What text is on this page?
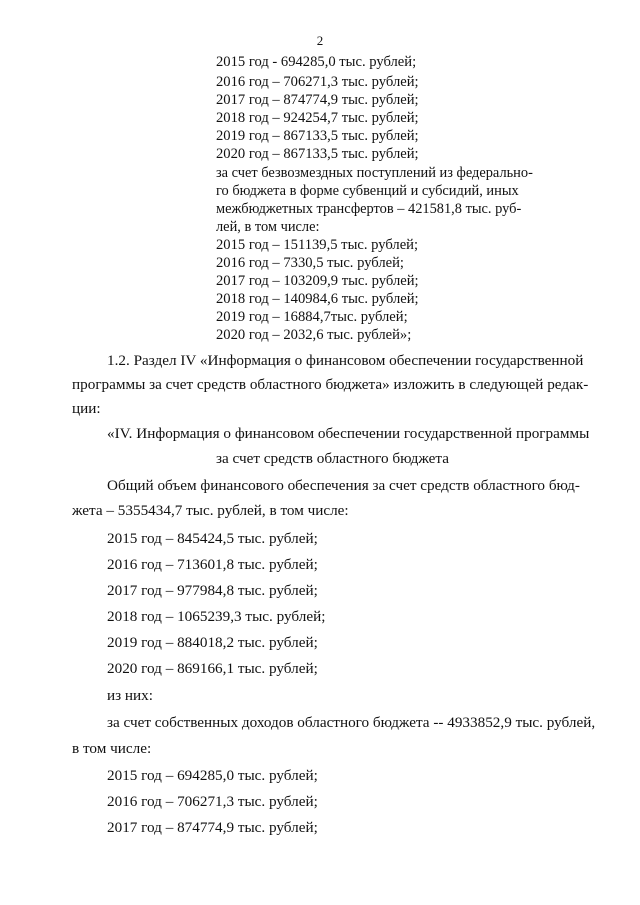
2
2015 год - 694285,0 тыс. рублей;
2016 год – 706271,3 тыс. рублей;
2017 год – 874774,9 тыс. рублей;
2018 год – 924254,7 тыс. рублей;
2019 год – 867133,5 тыс. рублей;
2020 год – 867133,5 тыс. рублей;
за счет безвозмездных поступлений из федерально-
го бюджета в форме субвенций и субсидий, иных
межбюджетных трансфертов – 421581,8 тыс. руб-
лей, в том числе:
2015 год – 151139,5 тыс. рублей;
2016 год – 7330,5 тыс. рублей;
2017 год – 103209,9 тыс. рублей;
2018 год – 140984,6 тыс. рублей;
2019 год – 16884,7тыс. рублей;
2020 год – 2032,6 тыс. рублей»;
1.2. Раздел IV «Информация о финансовом обеспечении государственной
программы за счет средств областного бюджета» изложить в следующей редак-
ции:
«IV. Информация о финансовом обеспечении государственной программы
за счет средств областного бюджета
Общий объем финансового обеспечения за счет средств областного бюд-
жета – 5355434,7 тыс. рублей, в том числе:
2015 год – 845424,5 тыс. рублей;
2016 год – 713601,8 тыс. рублей;
2017 год – 977984,8 тыс. рублей;
2018 год – 1065239,3 тыс. рублей;
2019 год – 884018,2 тыс. рублей;
2020 год – 869166,1 тыс. рублей;
из них:
за счет собственных доходов областного бюджета -- 4933852,9 тыс. рублей,
в том числе:
2015 год – 694285,0 тыс. рублей;
2016 год – 706271,3 тыс. рублей;
2017 год – 874774,9 тыс. рублей;
